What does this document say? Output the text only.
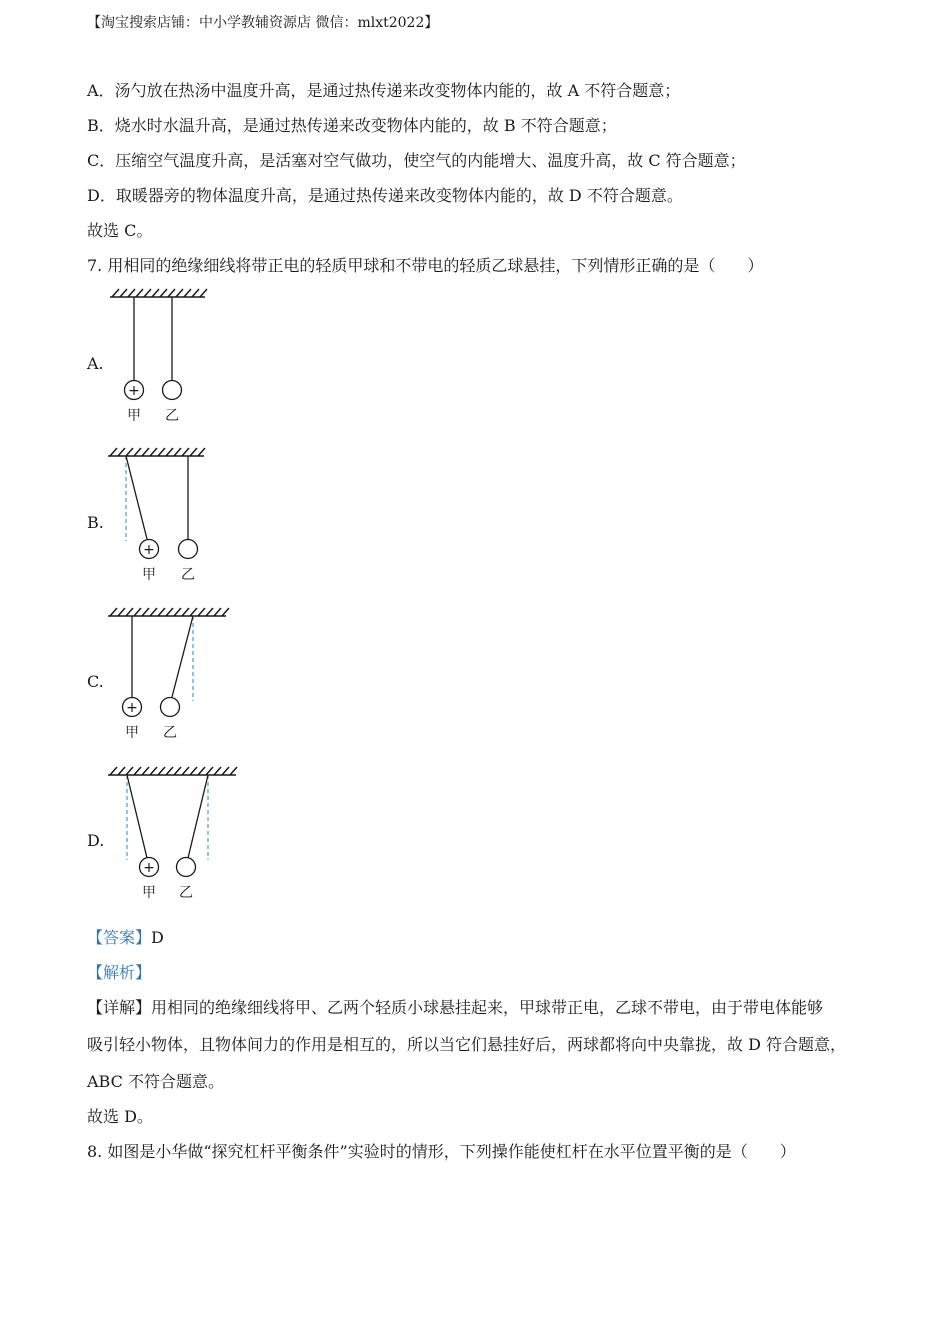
【淘宝搜索店铺：中小学教辅资源店 微信：mlxt2022】
A．汤勺放在热汤中温度升高，是通过热传递来改变物体内能的，故 A 不符合题意；
B．烧水时水温升高，是通过热传递来改变物体内能的，故 B 不符合题意；
C．压缩空气温度升高，是活塞对空气做功，使空气的内能增大、温度升高，故 C 符合题意；
D．取暖器旁的物体温度升高，是通过热传递来改变物体内能的，故 D 不符合题意。
故选 C。
7. 用相同的绝缘细线将带正电的轻质甲球和不带电的轻质乙球悬挂，下列情形正确的是（　　）
A.
+
甲 乙
B.
+
甲 乙
C.
+
甲 乙
D.
+
甲 乙
【答案】D
【解析】
【详解】用相同的绝缘细线将甲、乙两个轻质小球悬挂起来，甲球带正电，乙球不带电，由于带电体能够
吸引轻小物体，且物体间力的作用是相互的，所以当它们悬挂好后，两球都将向中央靠拢，故 D 符合题意，
ABC 不符合题意。
故选 D。
8. 如图是小华做“探究杠杆平衡条件”实验时的情形，下列操作能使杠杆在水平位置平衡的是（　　）
